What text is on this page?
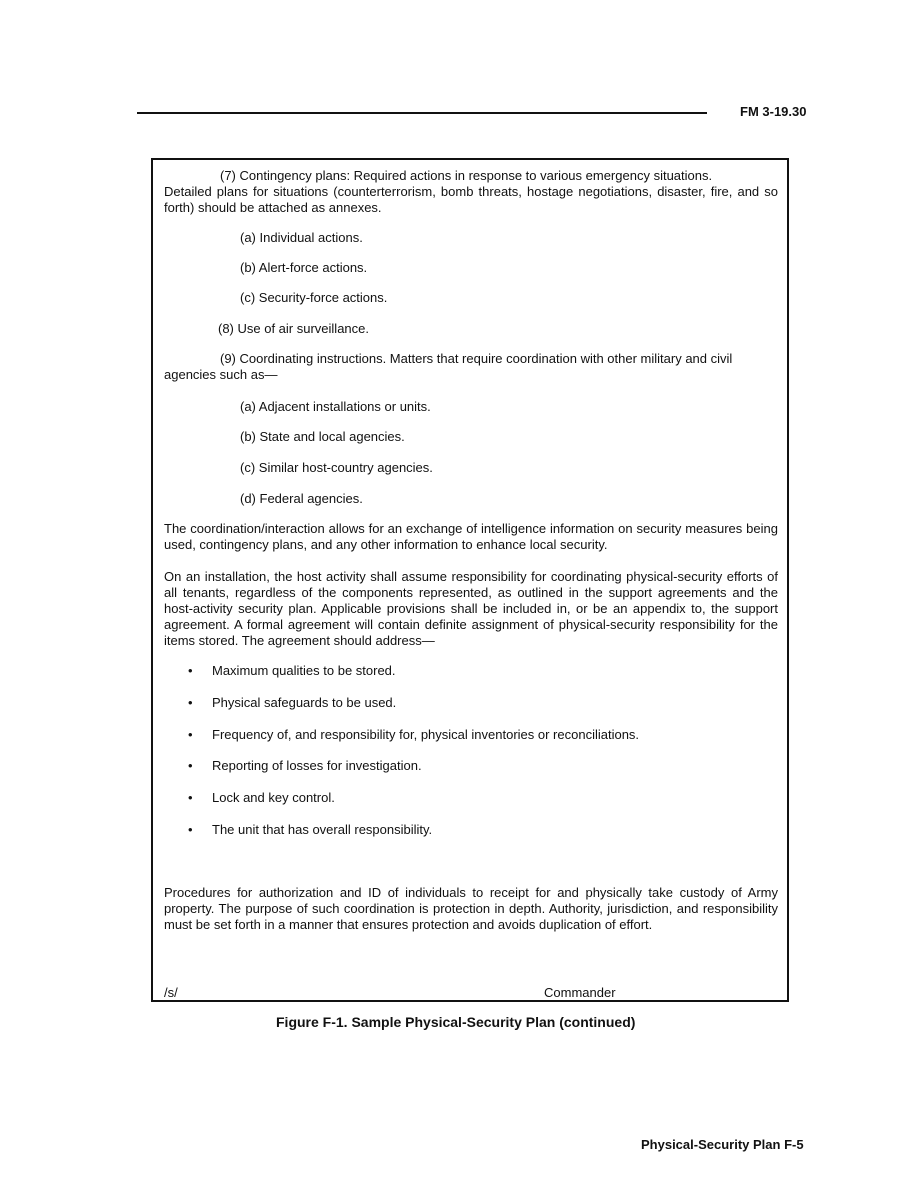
FM 3-19.30

(7) Contingency plans: Required actions in response to various emergency situations.

Detailed plans for situations (counterterrorism, bomb threats, hostage negotiations, disaster, fire, and so forth) should be attached as annexes.

(a) Individual actions.
(b) Alert-force actions.
(c) Security-force actions.
(8) Use of air surveillance.

(9) Coordinating instructions. Matters that require coordination with other military and civil

agencies such as—

(a) Adjacent installations or units.
(b) State and local agencies.
(c) Similar host-country agencies.
(d) Federal agencies.

The coordination/interaction allows for an exchange of intelligence information on security measures being used, contingency plans, and any other information to enhance local security.

On an installation, the host activity shall assume responsibility for coordinating physical-security efforts of all tenants, regardless of the components represented, as outlined in the support agreements and the host-activity security plan. Applicable provisions shall be included in, or be an appendix to, the support agreement. A formal agreement will contain definite assignment of physical-security responsibility for the items stored. The agreement should address—

• Maximum qualities to be stored.
• Physical safeguards to be used.
• Frequency of, and responsibility for, physical inventories or reconciliations.
• Reporting of losses for investigation.
• Lock and key control.
• The unit that has overall responsibility.

Procedures for authorization and ID of individuals to receipt for and physically take custody of Army property. The purpose of such coordination is protection in depth. Authority, jurisdiction, and responsibility must be set forth in a manner that ensures protection and avoids duplication of effort.

/s/	Commander
Figure F-1. Sample Physical-Security Plan (continued)
Physical-Security Plan F-5
